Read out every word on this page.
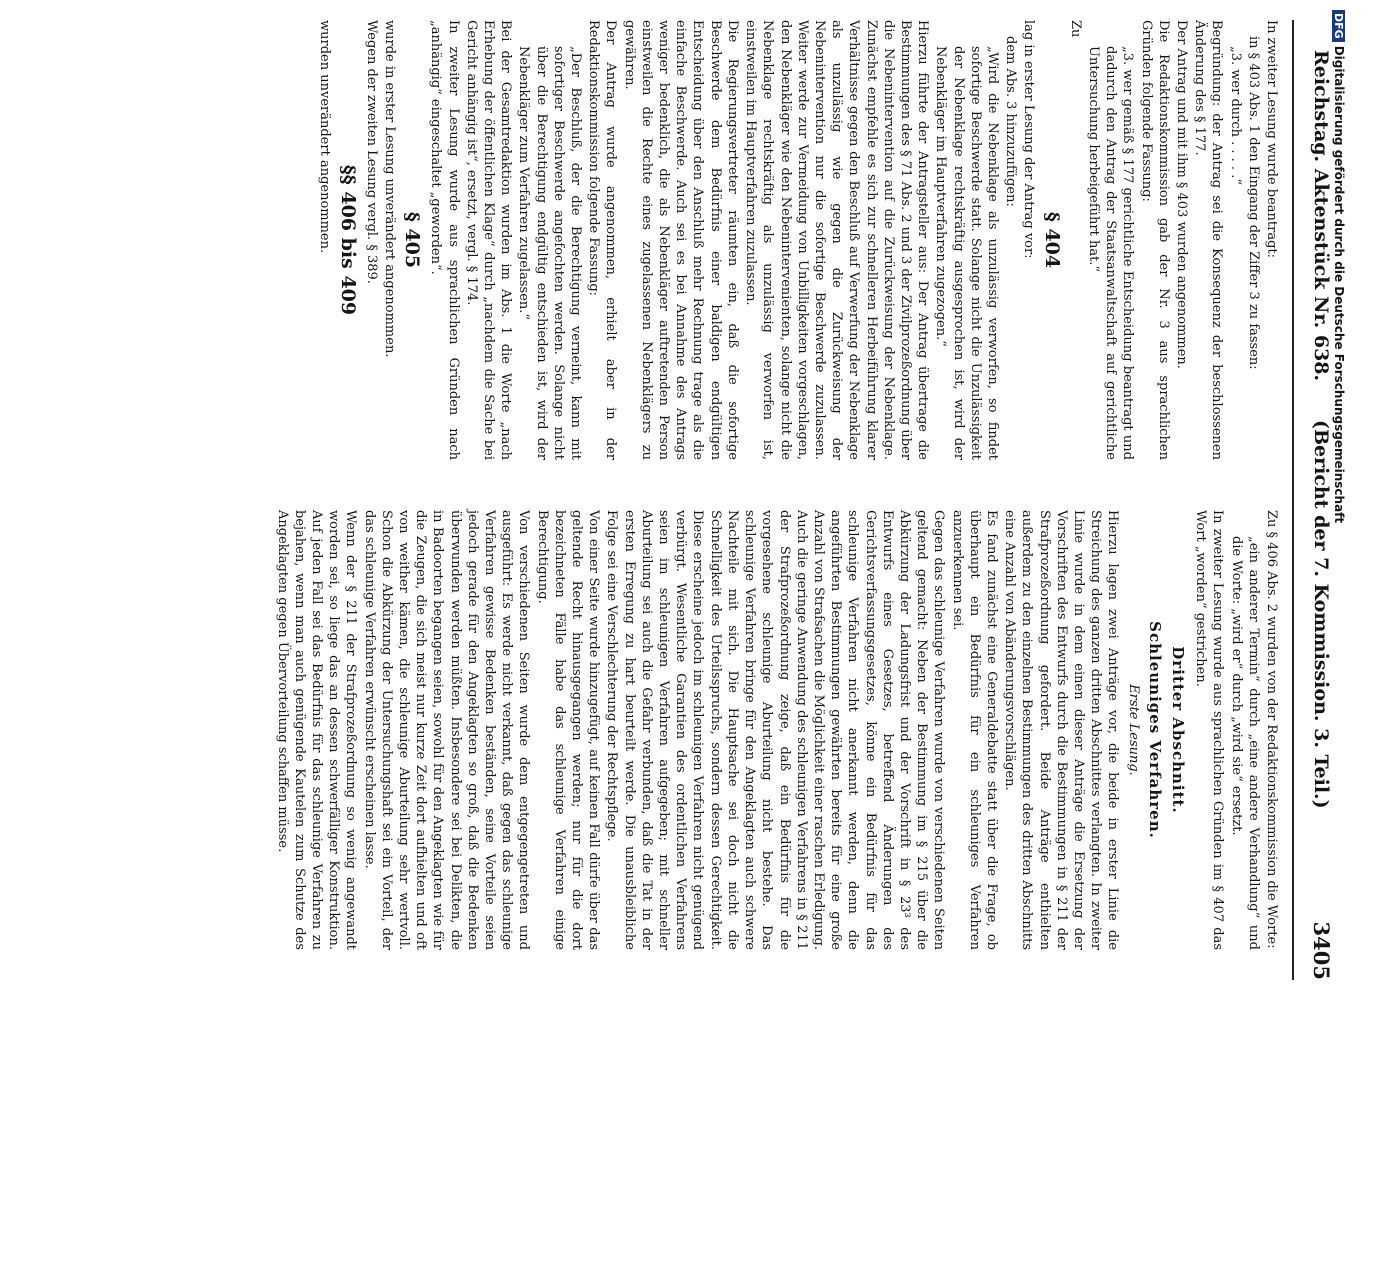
DFGDigitalisierung gefördert durch die Deutsche Forschungsgemeinschaft
Reichstag. Aktenstück Nr. 638.
(Bericht der 7. Kommission. 3. Teil.)
3405

In zweiter Lesung wurde beantragt:

in § 403 Abs. 1 den Eingang der Ziffer 3 zu fassen:

„3. wer durch . . . . .“

Begründung: der Antrag sei die Konsequenz der beschlossenen Änderung des § 177.

Der Antrag und mit ihm § 403 wurden angenommen.

Die Redaktionskommission gab der Nr. 3 aus sprachlichen Gründen folgende Fassung:

„3. wer gemäß § 177 gerichtliche Entscheidung beantragt und dadurch den Antrag der Staatsanwaltschaft auf gerichtliche Untersuchung herbeigeführt hat.“

Zu

§ 404

lag in erster Lesung der Antrag vor:

dem Abs. 3 hinzuzufügen:

„Wird die Nebenklage als unzulässig verworfen, so findet sofortige Beschwerde statt. Solange nicht die Unzulässigkeit der Nebenklage rechtskräftig ausgesprochen ist, wird der Nebenkläger im Hauptverfahren zugezogen.“

Hierzu führte der Antragsteller aus: Der Antrag übertrage die Bestimmungen des § 71 Abs. 2 und 3 der Zivilprozeßordnung über die Nebenintervention auf die Zurückweisung der Nebenklage. Zunächst empfehle es sich zur schnelleren Herbeiführung klarer Verhältnisse gegen den Beschluß auf Verwerfung der Nebenklage als unzulässig wie gegen die Zurückweisung der Nebenintervention nur die sofortige Beschwerde zuzulassen. Weiter werde zur Vermeidung von Unbilligkeiten vorgeschlagen, den Nebenkläger wie den Nebenintervenienten, solange nicht die Nebenklage rechtskräftig als unzulässig verworfen ist, einstweilen im Hauptverfahren zuzulassen.

Die Regierungsvertreter räumten ein, daß die sofortige Beschwerde dem Bedürfnis einer baldigen endgültigen Entscheidung über den Anschluß mehr Rechnung trage als die einfache Beschwerde. Auch sei es bei Annahme des Antrags weniger bedenklich, die als Nebenkläger auftretenden Person einstweilen die Rechte eines zugelassenen Nebenklägers zu gewähren.

Der Antrag wurde angenommen, erhielt aber in der Redaktionskommission folgende Fassung:

„Der Beschluß, der die Berechtigung verneint, kann mit sofortiger Beschwerde angefochten werden. Solange nicht über die Berechtigung endgültig entschieden ist, wird der Nebenkläger zum Verfahren zugelassen.“

Bei der Gesamtredaktion wurden im Abs. 1 die Worte „nach Erhebung der öffentlichen Klage“ durch „nachdem die Sache bei Gericht anhängig ist“, ersetzt, vergl. § 174.

In zweiter Lesung wurde aus sprachlichen Gründen nach „anhängig“ eingeschaltet „geworden“.

§ 405

wurde in erster Lesung unverändert angenommen.

Wegen der zweiten Lesung vergl. § 389.

§§ 406 bis 409

wurden unverändert angenommen.

Zu § 406 Abs. 2 wurden von der Redaktionskommission die Worte:

„ein anderer Termin“ durch „eine andere Verhandlung“ und die Worte: „wird er“ durch „wird sie“ ersetzt.

In zweiter Lesung wurde aus sprachlichen Gründen im § 407 das Wort „worden“ gestrichen.

Dritter Abschnitt.
Schleuniges Verfahren.
Erste Lesung.

Hierzu lagen zwei Anträge vor, die beide in erster Linie die Streichung des ganzen dritten Abschnittes verlangten. In zweiter Linie wurde in dem einen dieser Anträge die Ersetzung der Vorschriften des Entwurfs durch die Bestimmungen in § 211 der Strafprozeßordnung gefordert. Beide Anträge enthielten außerdem zu den einzelnen Bestimmungen des dritten Abschnitts eine Anzahl von Abänderungsvorschlägen.

Es fand zunächst eine Generaldebatte statt über die Frage, ob überhaupt ein Bedürfnis für ein schleuniges Verfahren anzuerkennen sei.

Gegen das schleunige Verfahren wurde von verschiedenen Seiten geltend gemacht: Neben der Bestimmung im § 215 über die Abkürzung der Ladungsfrist und der Vorschrift in § 23³ des Entwurfs eines Gesetzes, betreffend Änderungen des Gerichtsverfassungsgesetzes, könne ein Bedürfnis für das schleunige Verfahren nicht anerkannt werden, denn die angeführten Bestimmungen gewährten bereits für eine große Anzahl von Strafsachen die Möglichkeit einer raschen Erledigung. Auch die geringe Anwendung des schleunigen Verfahrens in § 211 der Strafprozeßordnung zeige, daß ein Bedürfnis für die vorgesehene schleunige Aburteilung nicht bestehe. Das schleunige Verfahren bringe für den Angeklagten auch schwere Nachteile mit sich. Die Hauptsache sei doch nicht die Schnelligkeit des Urteilsspruchs, sondern dessen Gerechtigkeit. Diese erscheine jedoch im schleunigen Verfahren nicht genügend verbürgt. Wesentliche Garantien des ordentlichen Verfahrens seien im schleunigen Verfahren aufgegeben; mit schneller Aburteilung sei auch die Gefahr verbunden, daß die Tat in der ersten Erregung zu hart beurteilt werde. Die unausbleibliche Folge sei eine Verschlechterung der Rechtspflege.

Von einer Seite wurde hinzugefügt, auf keinen Fall dürfe über das geltende Recht hinausgegangen werden; nur für die dort bezeichneten Fälle habe das schleunige Verfahren einige Berechtigung.

Von verschiedenen Seiten wurde dem entgegengetreten und ausgeführt: Es werde nicht verkannt, daß gegen das schleunige Verfahren gewisse Bedenken beständen, seine Vorteile seien jedoch gerade für den Angeklagten so groß, daß die Bedenken überwunden werden müßten. Insbesondere sei bei Delikten, die in Badoorten begangen seien, sowohl für den Angeklagten wie für die Zeugen, die sich meist nur kurze Zeit dort aufhielten und oft von weither kämen, die schleunige Aburteilung sehr wertvoll. Schon die Abkürzung der Untersuchungshaft sei ein Vorteil, der das schleunige Verfahren erwünscht erscheinen lasse.

Wenn der § 211 der Strafprozeßordnung so wenig angewandt worden sei, so liege das an dessen schwerfälliger Konstruktion. Auf jeden Fall sei das Bedürfnis für das schleunige Verfahren zu bejahen, wenn man auch genügende Kautelen zum Schutze des Angeklagten gegen Übervorteilung schaffen müsse.
